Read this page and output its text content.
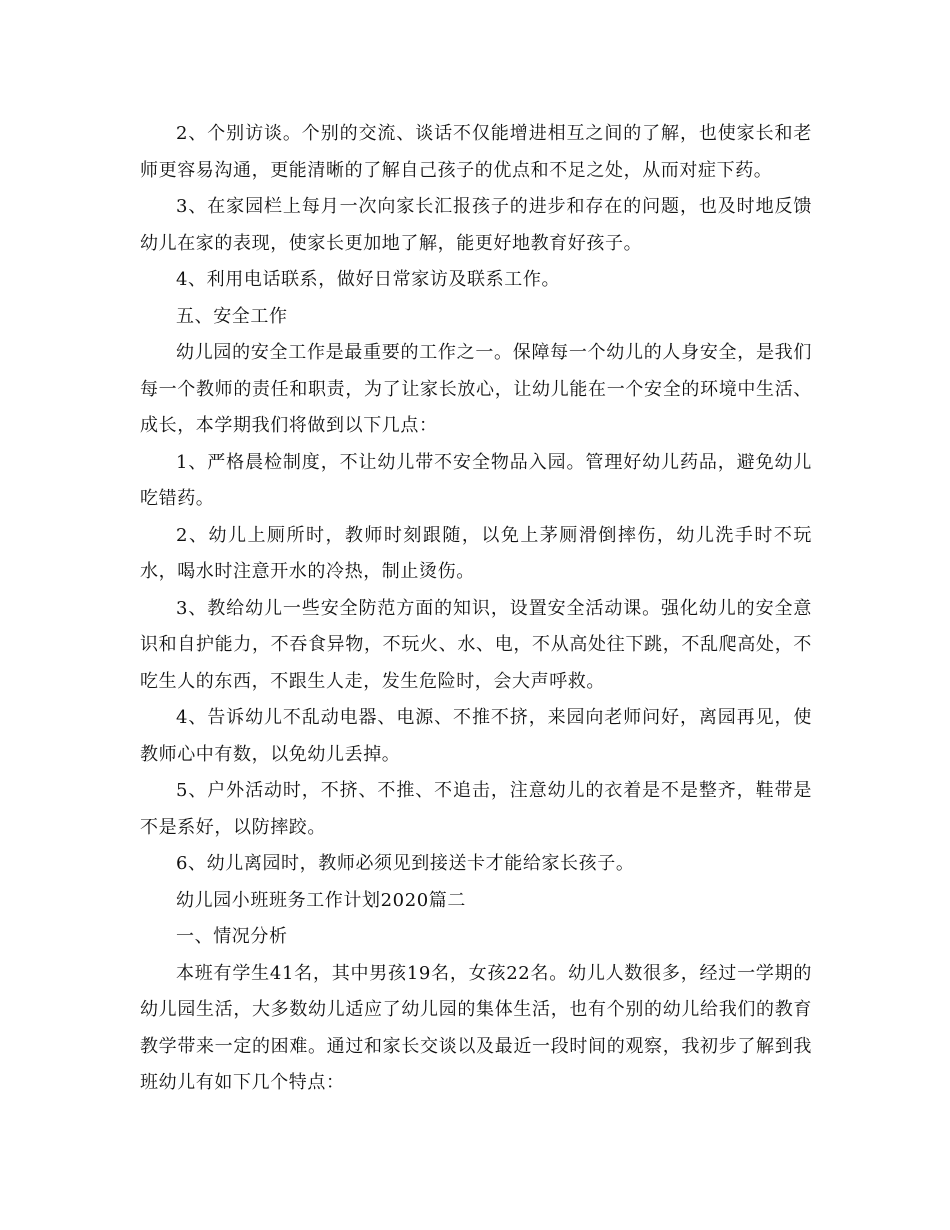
2、个别访谈。个别的交流、谈话不仅能增进相互之间的了解，也使家长和老师更容易沟通，更能清晰的了解自己孩子的优点和不足之处，从而对症下药。

3、在家园栏上每月一次向家长汇报孩子的进步和存在的问题，也及时地反馈幼儿在家的表现，使家长更加地了解，能更好地教育好孩子。

4、利用电话联系，做好日常家访及联系工作。

五、安全工作

幼儿园的安全工作是最重要的工作之一。保障每一个幼儿的人身安全，是我们每一个教师的责任和职责，为了让家长放心，让幼儿能在一个安全的环境中生活、成长，本学期我们将做到以下几点：

1、严格晨检制度，不让幼儿带不安全物品入园。管理好幼儿药品，避免幼儿吃错药。

2、幼儿上厕所时，教师时刻跟随，以免上茅厕滑倒摔伤，幼儿洗手时不玩水，喝水时注意开水的冷热，制止烫伤。

3、教给幼儿一些安全防范方面的知识，设置安全活动课。强化幼儿的安全意识和自护能力，不吞食异物，不玩火、水、电，不从高处往下跳，不乱爬高处，不吃生人的东西，不跟生人走，发生危险时，会大声呼救。

4、告诉幼儿不乱动电器、电源、不推不挤，来园向老师问好，离园再见，使教师心中有数，以免幼儿丢掉。

5、户外活动时，不挤、不推、不追击，注意幼儿的衣着是不是整齐，鞋带是不是系好，以防摔跤。

6、幼儿离园时，教师必须见到接送卡才能给家长孩子。

幼儿园小班班务工作计划2020篇二

一、情况分析

本班有学生41名，其中男孩19名，女孩22名。幼儿人数很多，经过一学期的幼儿园生活，大多数幼儿适应了幼儿园的集体生活，也有个别的幼儿给我们的教育教学带来一定的困难。通过和家长交谈以及最近一段时间的观察，我初步了解到我班幼儿有如下几个特点：
